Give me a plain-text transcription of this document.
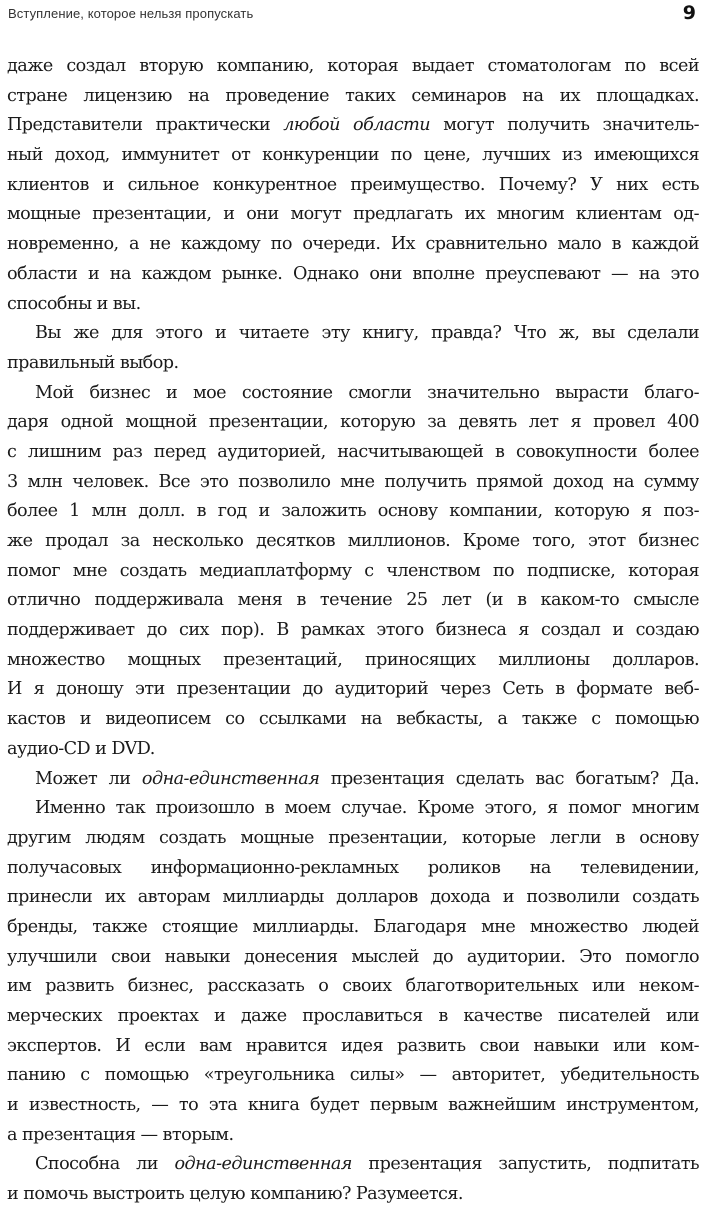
Вступление, которое нельзя пропускать	9
даже создал вторую компанию, которая выдает стоматологам по всей
стране лицензию на проведение таких семинаров на их площадках.
Представители практически любой области могут получить значитель-
ный доход, иммунитет от конкуренции по цене, лучших из имеющихся
клиентов и сильное конкурентное преимущество. Почему? У них есть
мощные презентации, и они могут предлагать их многим клиентам од-
новременно, а не каждому по очереди. Их сравнительно мало в каждой
области и на каждом рынке. Однако они вполне преуспевают — на это
способны и вы.
Вы же для этого и читаете эту книгу, правда? Что ж, вы сделали
правильный выбор.
Мой бизнес и мое состояние смогли значительно вырасти благо-
даря одной мощной презентации, которую за девять лет я провел 400
с лишним раз перед аудиторией, насчитывающей в совокупности более
3 млн человек. Все это позволило мне получить прямой доход на сумму
более 1 млн долл. в год и заложить основу компании, которую я поз-
же продал за несколько десятков миллионов. Кроме того, этот бизнес
помог мне создать медиаплатформу с членством по подписке, которая
отлично поддерживала меня в течение 25 лет (и в каком-то смысле
поддерживает до сих пор). В рамках этого бизнеса я создал и создаю
множество мощных презентаций, приносящих миллионы долларов.
И я доношу эти презентации до аудиторий через Сеть в формате веб-
кастов и видеописем со ссылками на вебкасты, а также с помощью
аудио-CD и DVD.
Может ли одна-единственная презентация сделать вас богатым? Да.
Именно так произошло в моем случае. Кроме этого, я помог многим
другим людям создать мощные презентации, которые легли в основу
получасовых информационно-рекламных роликов на телевидении,
принесли их авторам миллиарды долларов дохода и позволили создать
бренды, также стоящие миллиарды. Благодаря мне множество людей
улучшили свои навыки донесения мыслей до аудитории. Это помогло
им развить бизнес, рассказать о своих благотворительных или неком-
мерческих проектах и даже прославиться в качестве писателей или
экспертов. И если вам нравится идея развить свои навыки или ком-
панию с помощью «треугольника силы» — авторитет, убедительность
и известность, — то эта книга будет первым важнейшим инструментом,
а презентация — вторым.
Способна ли одна-единственная презентация запустить, подпитать
и помочь выстроить целую компанию? Разумеется.
